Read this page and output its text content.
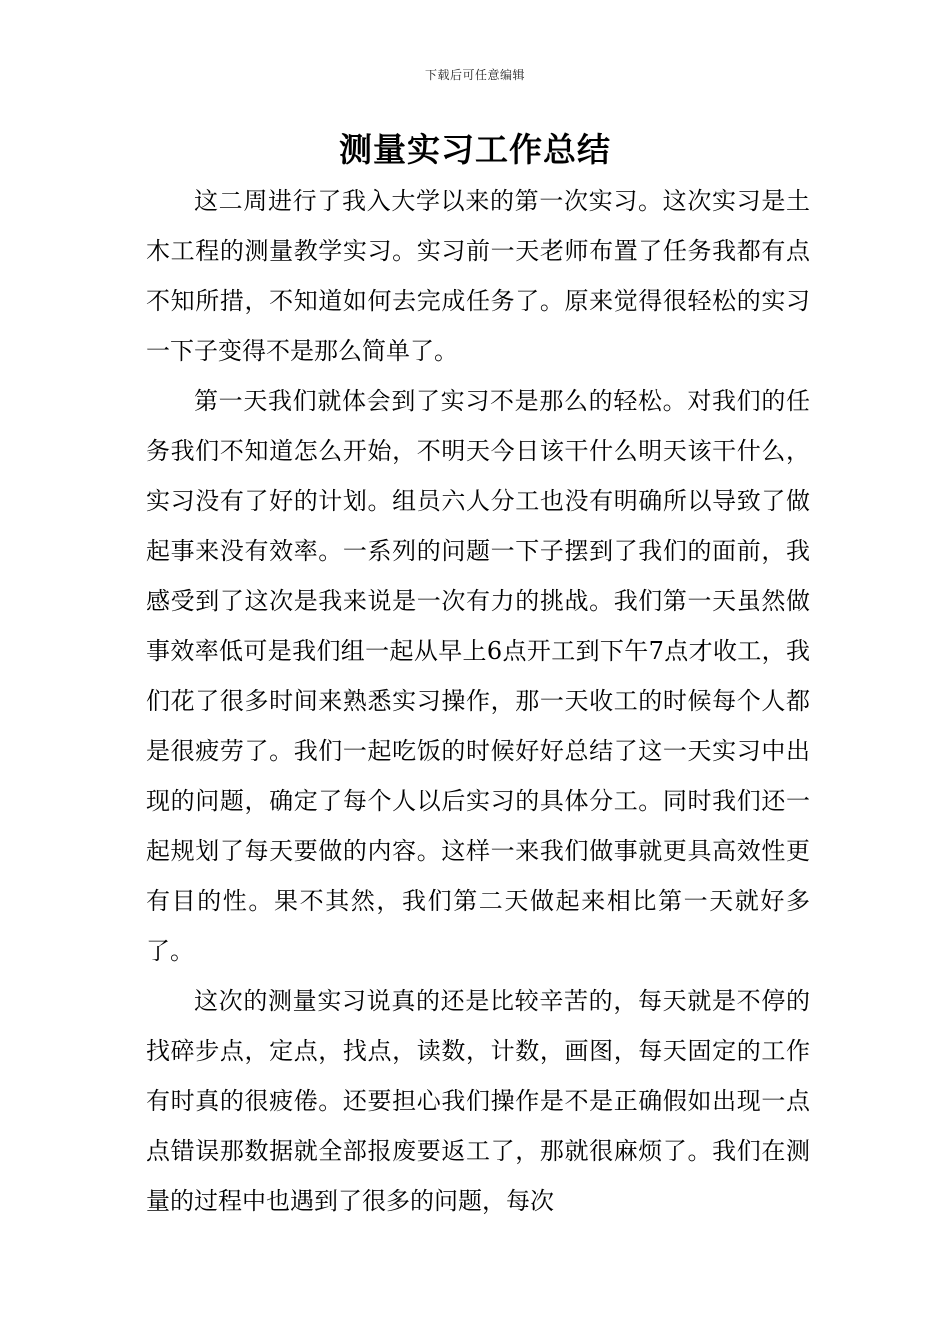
下载后可任意编辑
测量实习工作总结

这二周进行了我入大学以来的第一次实习。这次实习是土木工程的测量教学实习。实习前一天老师布置了任务我都有点不知所措，不知道如何去完成任务了。原来觉得很轻松的实习一下子变得不是那么简单了。

第一天我们就体会到了实习不是那么的轻松。对我们的任务我们不知道怎么开始，不明天今日该干什么明天该干什么，实习没有了好的计划。组员六人分工也没有明确所以导致了做起事来没有效率。一系列的问题一下子摆到了我们的面前，我感受到了这次是我来说是一次有力的挑战。我们第一天虽然做事效率低可是我们组一起从早上6点开工到下午7点才收工，我们花了很多时间来熟悉实习操作，那一天收工的时候每个人都是很疲劳了。我们一起吃饭的时候好好总结了这一天实习中出现的问题，确定了每个人以后实习的具体分工。同时我们还一起规划了每天要做的内容。这样一来我们做事就更具高效性更有目的性。果不其然，我们第二天做起来相比第一天就好多了。

这次的测量实习说真的还是比较辛苦的，每天就是不停的找碎步点，定点，找点，读数，计数，画图，每天固定的工作有时真的很疲倦。还要担心我们操作是不是正确假如出现一点点错误那数据就全部报废要返工了，那就很麻烦了。我们在测量的过程中也遇到了很多的问题，每次
